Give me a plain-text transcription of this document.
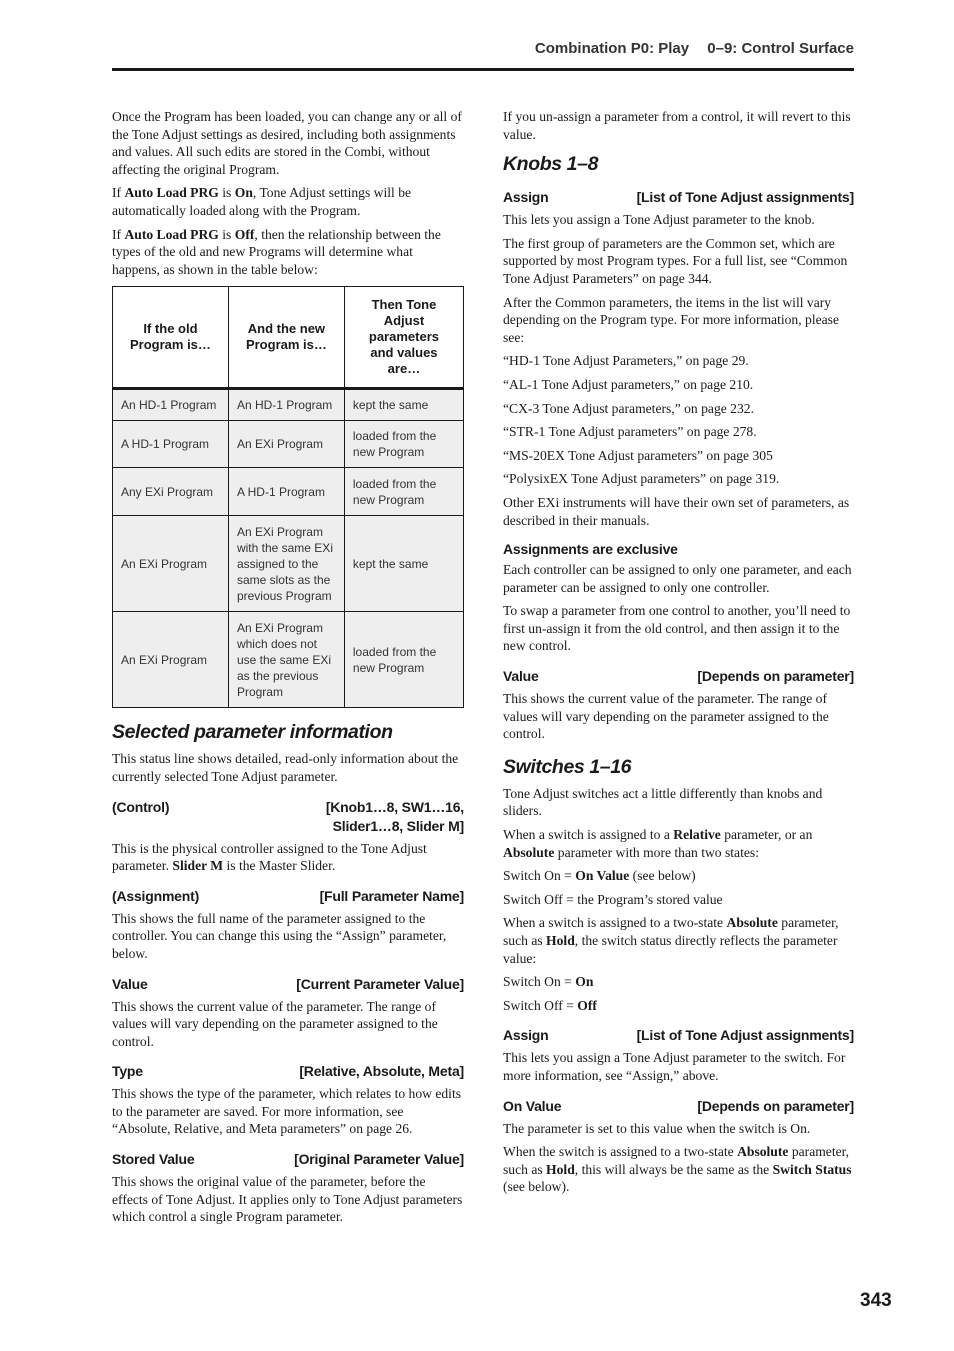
Combination P0: Play 0–9: Control Surface

Once the Program has been loaded, you can change any or all of the Tone Adjust settings as desired, including both assignments and values. All such edits are stored in the Combi, without affecting the original Program.

If Auto Load PRG is On, Tone Adjust settings will be automatically loaded along with the Program.

If Auto Load PRG is Off, then the relationship between the types of the old and new Programs will determine what happens, as shown in the table below:

If the old Program is…	And the new Program is…	Then Tone Adjust parameters and values are…
An HD-1 Program	An HD-1 Program	kept the same
A HD-1 Program	An EXi Program	loaded from the new Program
Any EXi Program	A HD-1 Program	loaded from the new Program
An EXi Program	An EXi Program with the same EXi assigned to the same slots as the previous Program	kept the same
An EXi Program	An EXi Program which does not use the same EXi as the previous Program	loaded from the new Program
Selected parameter information

This status line shows detailed, read-only information about the currently selected Tone Adjust parameter.

(Control)	[Knob1…8, SW1…16,
Slider1…8, Slider M]

This is the physical controller assigned to the Tone Adjust parameter. Slider M is the Master Slider.

(Assignment)	[Full Parameter Name]

This shows the full name of the parameter assigned to the controller. You can change this using the “Assign” parameter, below.

Value	[Current Parameter Value]

This shows the current value of the parameter. The range of values will vary depending on the parameter assigned to the control.

Type	[Relative, Absolute, Meta]

This shows the type of the parameter, which relates to how edits to the parameter are saved. For more information, see “Absolute, Relative, and Meta parameters” on page 26.

Stored Value	[Original Parameter Value]

This shows the original value of the parameter, before the effects of Tone Adjust. It applies only to Tone Adjust parameters which control a single Program parameter.

If you un-assign a parameter from a control, it will revert to this value.

Knobs 1–8
Assign	[List of Tone Adjust assignments]

This lets you assign a Tone Adjust parameter to the knob.

The first group of parameters are the Common set, which are supported by most Program types. For a full list, see “Common Tone Adjust Parameters” on page 344.

After the Common parameters, the items in the list will vary depending on the Program type. For more information, please see:

“HD-1 Tone Adjust Parameters,” on page 29.

“AL-1 Tone Adjust parameters,” on page 210.

“CX-3 Tone Adjust parameters,” on page 232.

“STR-1 Tone Adjust parameters” on page 278.

“MS-20EX Tone Adjust parameters” on page 305

“PolysixEX Tone Adjust parameters” on page 319.

Other EXi instruments will have their own set of parameters, as described in their manuals.

Assignments are exclusive

Each controller can be assigned to only one parameter, and each parameter can be assigned to only one controller.

To swap a parameter from one control to another, you’ll need to first un-assign it from the old control, and then assign it to the new control.

Value	[Depends on parameter]

This shows the current value of the parameter. The range of values will vary depending on the parameter assigned to the control.

Switches 1–16

Tone Adjust switches act a little differently than knobs and sliders.

When a switch is assigned to a Relative parameter, or an Absolute parameter with more than two states:

Switch On = On Value (see below)

Switch Off = the Program’s stored value

When a switch is assigned to a two-state Absolute parameter, such as Hold, the switch status directly reflects the parameter value:

Switch On = On

Switch Off = Off

Assign	[List of Tone Adjust assignments]

This lets you assign a Tone Adjust parameter to the switch. For more information, see “Assign,” above.

On Value	[Depends on parameter]

The parameter is set to this value when the switch is On.

When the switch is assigned to a two-state Absolute parameter, such as Hold, this will always be the same as the Switch Status (see below).

343
